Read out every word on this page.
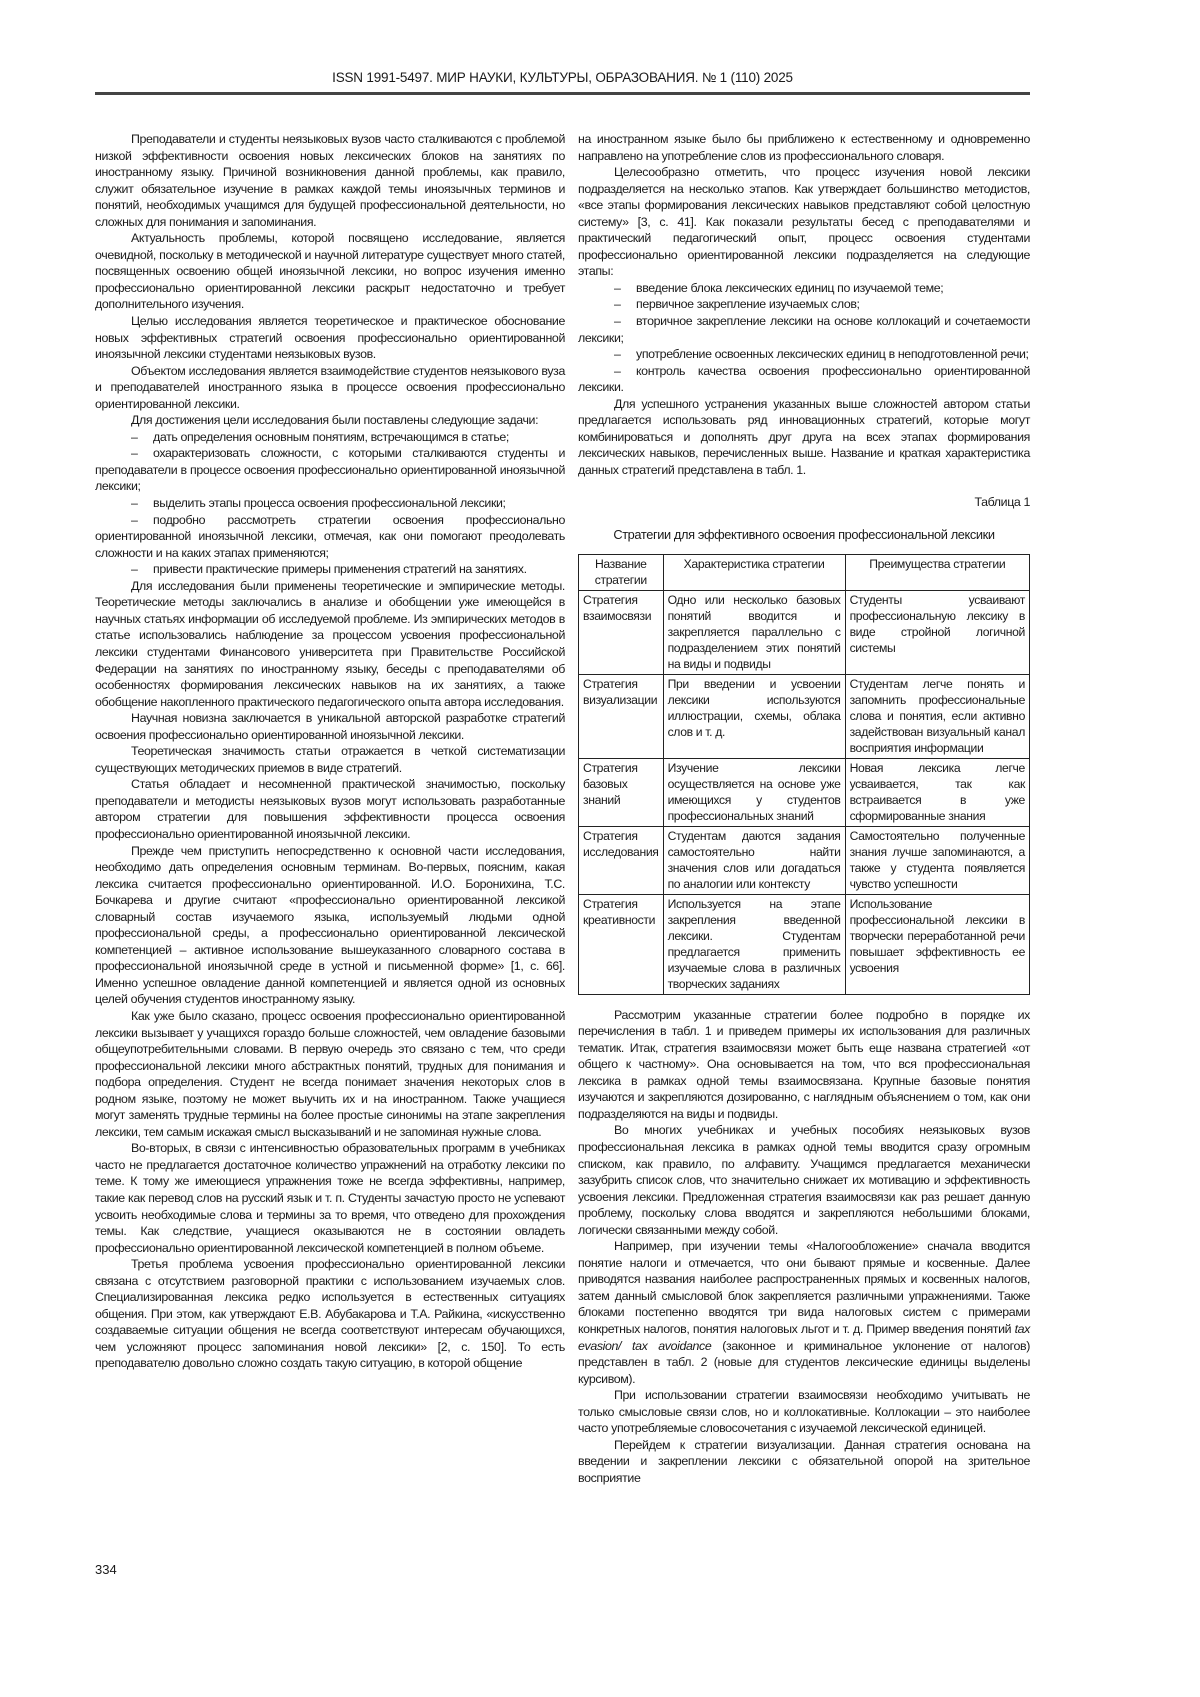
ISSN 1991-5497. МИР НАУКИ, КУЛЬТУРЫ, ОБРАЗОВАНИЯ. № 1 (110) 2025

Преподаватели и студенты неязыковых вузов часто сталкиваются с проблемой низкой эффективности освоения новых лексических блоков на занятиях по иностранному языку. Причиной возникновения данной проблемы, как правило, служит обязательное изучение в рамках каждой темы иноязычных терминов и понятий, необходимых учащимся для будущей профессиональной деятельности, но сложных для понимания и запоминания.

Актуальность проблемы, которой посвящено исследование, является очевидной, поскольку в методической и научной литературе существует много статей, посвященных освоению общей иноязычной лексики, но вопрос изучения именно профессионально ориентированной лексики раскрыт недостаточно и требует дополнительного изучения.

Целью исследования является теоретическое и практическое обоснование новых эффективных стратегий освоения профессионально ориентированной иноязычной лексики студентами неязыковых вузов.

Объектом исследования является взаимодействие студентов неязыкового вуза и преподавателей иностранного языка в процессе освоения профессионально ориентированной лексики.

Для достижения цели исследования были поставлены следующие задачи:

– дать определения основным понятиям, встречающимся в статье;

– охарактеризовать сложности, с которыми сталкиваются студенты и преподаватели в процессе освоения профессионально ориентированной иноязычной лексики;

– выделить этапы процесса освоения профессиональной лексики;

– подробно рассмотреть стратегии освоения профессионально ориентированной иноязычной лексики, отмечая, как они помогают преодолевать сложности и на каких этапах применяются;

– привести практические примеры применения стратегий на занятиях.

Для исследования были применены теоретические и эмпирические методы. Теоретические методы заключались в анализе и обобщении уже имеющейся в научных статьях информации об исследуемой проблеме. Из эмпирических методов в статье использовались наблюдение за процессом усвоения профессиональной лексики студентами Финансового университета при Правительстве Российской Федерации на занятиях по иностранному языку, беседы с преподавателями об особенностях формирования лексических навыков на их занятиях, а также обобщение накопленного практического педагогического опыта автора исследования.

Научная новизна заключается в уникальной авторской разработке стратегий освоения профессионально ориентированной иноязычной лексики.

Теоретическая значимость статьи отражается в четкой систематизации существующих методических приемов в виде стратегий.

Статья обладает и несомненной практической значимостью, поскольку преподаватели и методисты неязыковых вузов могут использовать разработанные автором стратегии для повышения эффективности процесса освоения профессионально ориентированной иноязычной лексики.

Прежде чем приступить непосредственно к основной части исследования, необходимо дать определения основным терминам. Во-первых, поясним, какая лексика считается профессионально ориентированной. И.О. Боронихина, Т.С. Бочкарева и другие считают «профессионально ориентированной лексикой словарный состав изучаемого языка, используемый людьми одной профессиональной среды, а профессионально ориентированной лексической компетенцией – активное использование вышеуказанного словарного состава в профессиональной иноязычной среде в устной и письменной форме» [1, с. 66]. Именно успешное овладение данной компетенцией и является одной из основных целей обучения студентов иностранному языку.

Как уже было сказано, процесс освоения профессионально ориентированной лексики вызывает у учащихся гораздо больше сложностей, чем овладение базовыми общеупотребительными словами. В первую очередь это связано с тем, что среди профессиональной лексики много абстрактных понятий, трудных для понимания и подбора определения. Студент не всегда понимает значения некоторых слов в родном языке, поэтому не может выучить их и на иностранном. Также учащиеся могут заменять трудные термины на более простые синонимы на этапе закрепления лексики, тем самым искажая смысл высказываний и не запоминая нужные слова.

Во-вторых, в связи с интенсивностью образовательных программ в учебниках часто не предлагается достаточное количество упражнений на отработку лексики по теме. К тому же имеющиеся упражнения тоже не всегда эффективны, например, такие как перевод слов на русский язык и т. п. Студенты зачастую просто не успевают усвоить необходимые слова и термины за то время, что отведено для прохождения темы. Как следствие, учащиеся оказываются не в состоянии овладеть профессионально ориентированной лексической компетенцией в полном объеме.

Третья проблема усвоения профессионально ориентированной лексики связана с отсутствием разговорной практики с использованием изучаемых слов. Специализированная лексика редко используется в естественных ситуациях общения. При этом, как утверждают Е.В. Абубакарова и Т.А. Райкина, «искусственно создаваемые ситуации общения не всегда соответствуют интересам обучающихся, чем усложняют процесс запоминания новой лексики» [2, с. 150]. То есть преподавателю довольно сложно создать такую ситуацию, в которой общение

на иностранном языке было бы приближено к естественному и одновременно направлено на употребление слов из профессионального словаря.

Целесообразно отметить, что процесс изучения новой лексики подразделяется на несколько этапов. Как утверждает большинство методистов, «все этапы формирования лексических навыков представляют собой целостную систему» [3, с. 41]. Как показали результаты бесед с преподавателями и практический педагогический опыт, процесс освоения студентами профессионально ориентированной лексики подразделяется на следующие этапы:

– введение блока лексических единиц по изучаемой теме;

– первичное закрепление изучаемых слов;

– вторичное закрепление лексики на основе коллокаций и сочетаемости лексики;

– употребление освоенных лексических единиц в неподготовленной речи;

– контроль качества освоения профессионально ориентированной лексики.

Для успешного устранения указанных выше сложностей автором статьи предлагается использовать ряд инновационных стратегий, которые могут комбинироваться и дополнять друг друга на всех этапах формирования лексических навыков, перечисленных выше. Название и краткая характеристика данных стратегий представлена в табл. 1.

Таблица 1
Стратегии для эффективного освоения профессиональной лексики
Название стратегии	Характеристика стратегии	Преимущества стратегии
Стратегия взаимосвязи	Одно или несколько базовых понятий вводится и закрепляется параллельно с подразделением этих понятий на виды и подвиды	Студенты усваивают профессиональную лексику в виде стройной логичной системы
Стратегия визуализации	При введении и усвоении лексики используются иллюстрации, схемы, облака слов и т. д.	Студентам легче понять и запомнить профессиональные слова и понятия, если активно задействован визуальный канал восприятия информации
Стратегия базовых знаний	Изучение лексики осуществляется на основе уже имеющихся у студентов профессиональных знаний	Новая лексика легче усваивается, так как встраивается в уже сформированные знания
Стратегия исследования	Студентам даются задания самостоятельно найти значения слов или догадаться по аналогии или контексту	Самостоятельно полученные знания лучше запоминаются, а также у студента появляется чувство успешности
Стратегия креативности	Используется на этапе закрепления введенной лексики. Студентам предлагается применить изучаемые слова в различных творческих заданиях	Использование профессиональной лексики в творчески переработанной речи повышает эффективность ее усвоения

Рассмотрим указанные стратегии более подробно в порядке их перечисления в табл. 1 и приведем примеры их использования для различных тематик. Итак, стратегия взаимосвязи может быть еще названа стратегией «от общего к частному». Она основывается на том, что вся профессиональная лексика в рамках одной темы взаимосвязана. Крупные базовые понятия изучаются и закрепляются дозированно, с наглядным объяснением о том, как они подразделяются на виды и подвиды.

Во многих учебниках и учебных пособиях неязыковых вузов профессиональная лексика в рамках одной темы вводится сразу огромным списком, как правило, по алфавиту. Учащимся предлагается механически зазубрить список слов, что значительно снижает их мотивацию и эффективность усвоения лексики. Предложенная стратегия взаимосвязи как раз решает данную проблему, поскольку слова вводятся и закрепляются небольшими блоками, логически связанными между собой.

Например, при изучении темы «Налогообложение» сначала вводится понятие налоги и отмечается, что они бывают прямые и косвенные. Далее приводятся названия наиболее распространенных прямых и косвенных налогов, затем данный смысловой блок закрепляется различными упражнениями. Также блоками постепенно вводятся три вида налоговых систем с примерами конкретных налогов, понятия налоговых льгот и т. д. Пример введения понятий tax evasion/ tax avoidance (законное и криминальное уклонение от налогов) представлен в табл. 2 (новые для студентов лексические единицы выделены курсивом).

При использовании стратегии взаимосвязи необходимо учитывать не только смысловые связи слов, но и коллокативные. Коллокации – это наиболее часто употребляемые словосочетания с изучаемой лексической единицей.

Перейдем к стратегии визуализации. Данная стратегия основана на введении и закреплении лексики с обязательной опорой на зрительное восприятие

334
